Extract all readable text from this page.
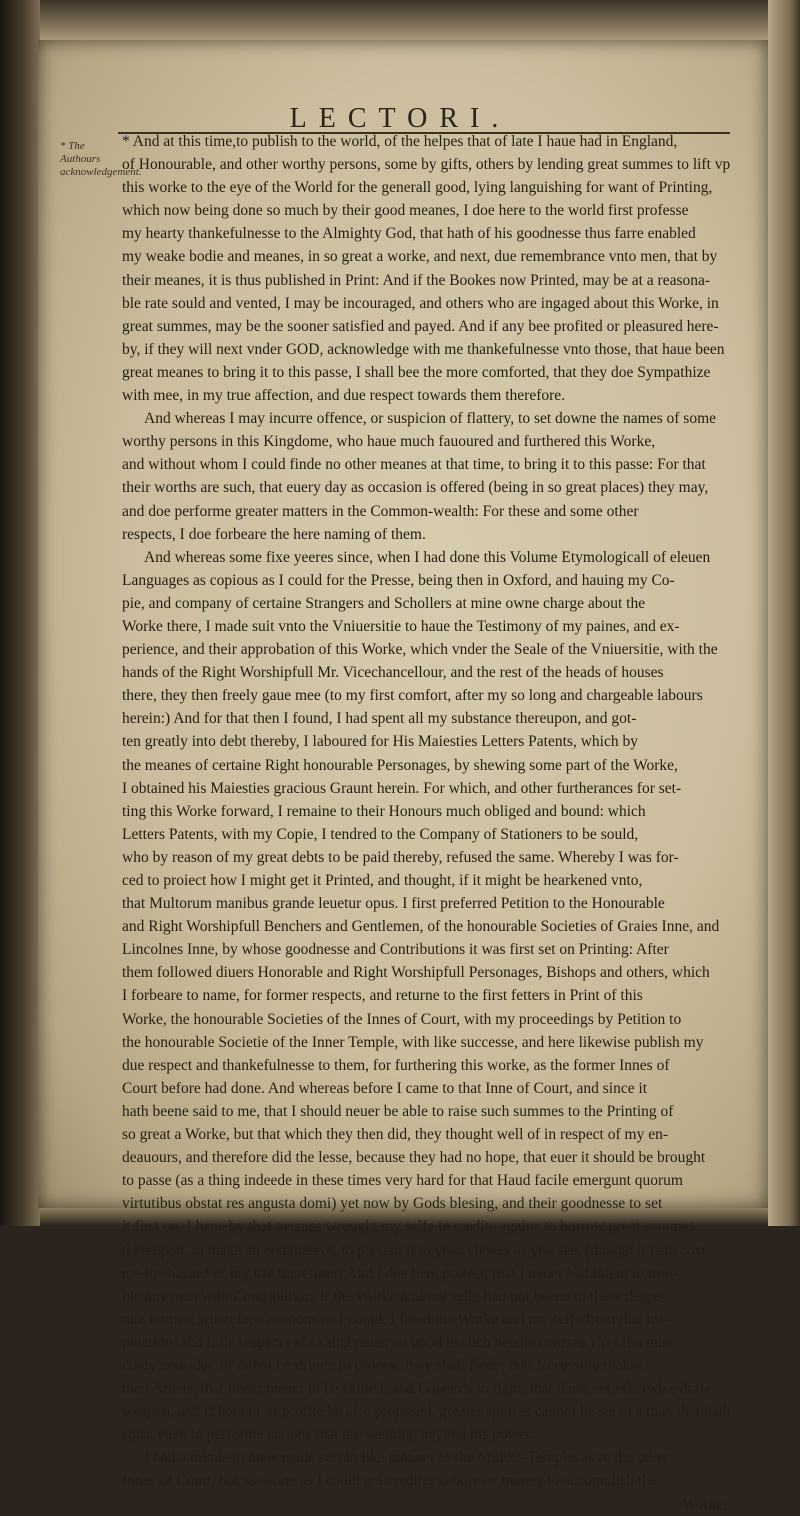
LECTORI.
* The Authours acknowledgement.
* And at this time,to publish to the world, of the helpes that of late I haue had in England,
of Honourable, and other worthy persons, some by gifts, others by lending great summes to lift vp
this worke to the eye of the World for the generall good, lying languishing for want of Printing,
which now being done so much by their good meanes, I doe here to the world first professe
my hearty thankefulnesse to the Almighty God, that hath of his goodnesse thus farre enabled
my weake bodie and meanes, in so great a worke, and next, due remembrance vnto men, that by
their meanes, it is thus published in Print: And if the Bookes now Printed, may be at a reasona-
ble rate sould and vented, I may be incouraged, and others who are ingaged about this Worke, in
great summes, may be the sooner satisfied and payed. And if any bee profited or pleasured here-
by, if they will next vnder GOD, acknowledge with me thankefulnesse vnto those, that haue been
great meanes to bring it to this passe, I shall bee the more comforted, that they doe Sympathize
with mee, in my true affection, and due respect towards them therefore.
And whereas I may incurre offence, or suspicion of flattery, to set downe the names of some
worthy persons in this Kingdome, who haue much fauoured and furthered this Worke,
and without whom I could finde no other meanes at that time, to bring it to this passe: For that
their worths are such, that euery day as occasion is offered (being in so great places) they may,
and doe performe greater matters in the Common-wealth: For these and some other
respects, I doe forbeare the here naming of them.
And whereas some fixe yeeres since, when I had done this Volume Etymologicall of eleuen
Languages as copious as I could for the Presse, being then in Oxford, and hauing my Co-
pie, and company of certaine Strangers and Schollers at mine owne charge about the
Worke there, I made suit vnto the Vniuersitie to haue the Testimony of my paines, and ex-
perience, and their approbation of this Worke, which vnder the Seale of the Vniuersitie, with the
hands of the Right Worshipfull Mr. Vicechancellour, and the rest of the heads of houses
there, they then freely gaue mee (to my first comfort, after my so long and chargeable labours
herein:) And for that then I found, I had spent all my substance thereupon, and got-
ten greatly into debt thereby, I laboured for His Maiesties Letters Patents, which by
the meanes of certaine Right honourable Personages, by shewing some part of the Worke,
I obtained his Maiesties gracious Graunt herein. For which, and other furtherances for set-
ting this Worke forward, I remaine to their Honours much obliged and bound: which
Letters Patents, with my Copie, I tendred to the Company of Stationers to be sould,
who by reason of my great debts to be paid thereby, refused the same. Whereby I was for-
ced to proiect how I might get it Printed, and thought, if it might be hearkened vnto,
that Multorum manibus grande leuetur opus. I first preferred Petition to the Honourable
and Right Worshipfull Benchers and Gentlemen, of the honourable Societies of Graies Inne, and
Lincolnes Inne, by whose goodnesse and Contributions it was first set on Printing: After
them followed diuers Honorable and Right Worshipfull Personages, Bishops and others, which
I forbeare to name, for former respects, and returne to the first fetters in Print of this
Worke, the honourable Societies of the Innes of Court, with my proceedings by Petition to
the honourable Societie of the Inner Temple, with like successe, and here likewise publish my
due respect and thankefulnesse to them, for furthering this worke, as the former Innes of
Court before had done. And whereas before I came to that Inne of Court, and since it
hath beene said to me, that I should neuer be able to raise such summes to the Printing of
so great a Worke, but that which they then did, they thought well of in respect of my en-
deauours, and therefore did the lesse, because they had no hope, that euer it should be brought
to passe (as a thing indeede in these times very hard for that Haud facile emergunt quorum
virtutibus obstat res angusta domi) yet now by Gods blesing, and their goodnesse to set
it first on, I haue by that meanes wrought my selfe in credite againe to borrow great summes
thereupon, to make an end thereof, to present it to your viewes as you see, (though it hath cost
me the hazard of my life therefore.) And I doe here protest, that I neuer had intent to trou-
ble any man with Contribution, if the Worke and my selfe had not beene in these despe-
rate termes; wherefore as soone as I could, I freed the Worke and my selfe from that im-
putation, and little respect (of a thing neuer so good in such needie courses.) Yet if a man
duely consider, or rather be driuen to prooue, they shall finde, that Necessitie makes
men Artists, that neuer meant to be skilled, and Cowards to fight, that durst not otherwise draw
weapon, and if honour or profite be also proposed, greater spurres cannot be set to a man that hath
spirit euen to performe actions that are seeming beyond his power.
I had a minde to haue made suit in like manner to the Middle-Temple, as to the other
Innes of Court, but as soone as I could get credite, to borrow money to accomplish the
Worke,
